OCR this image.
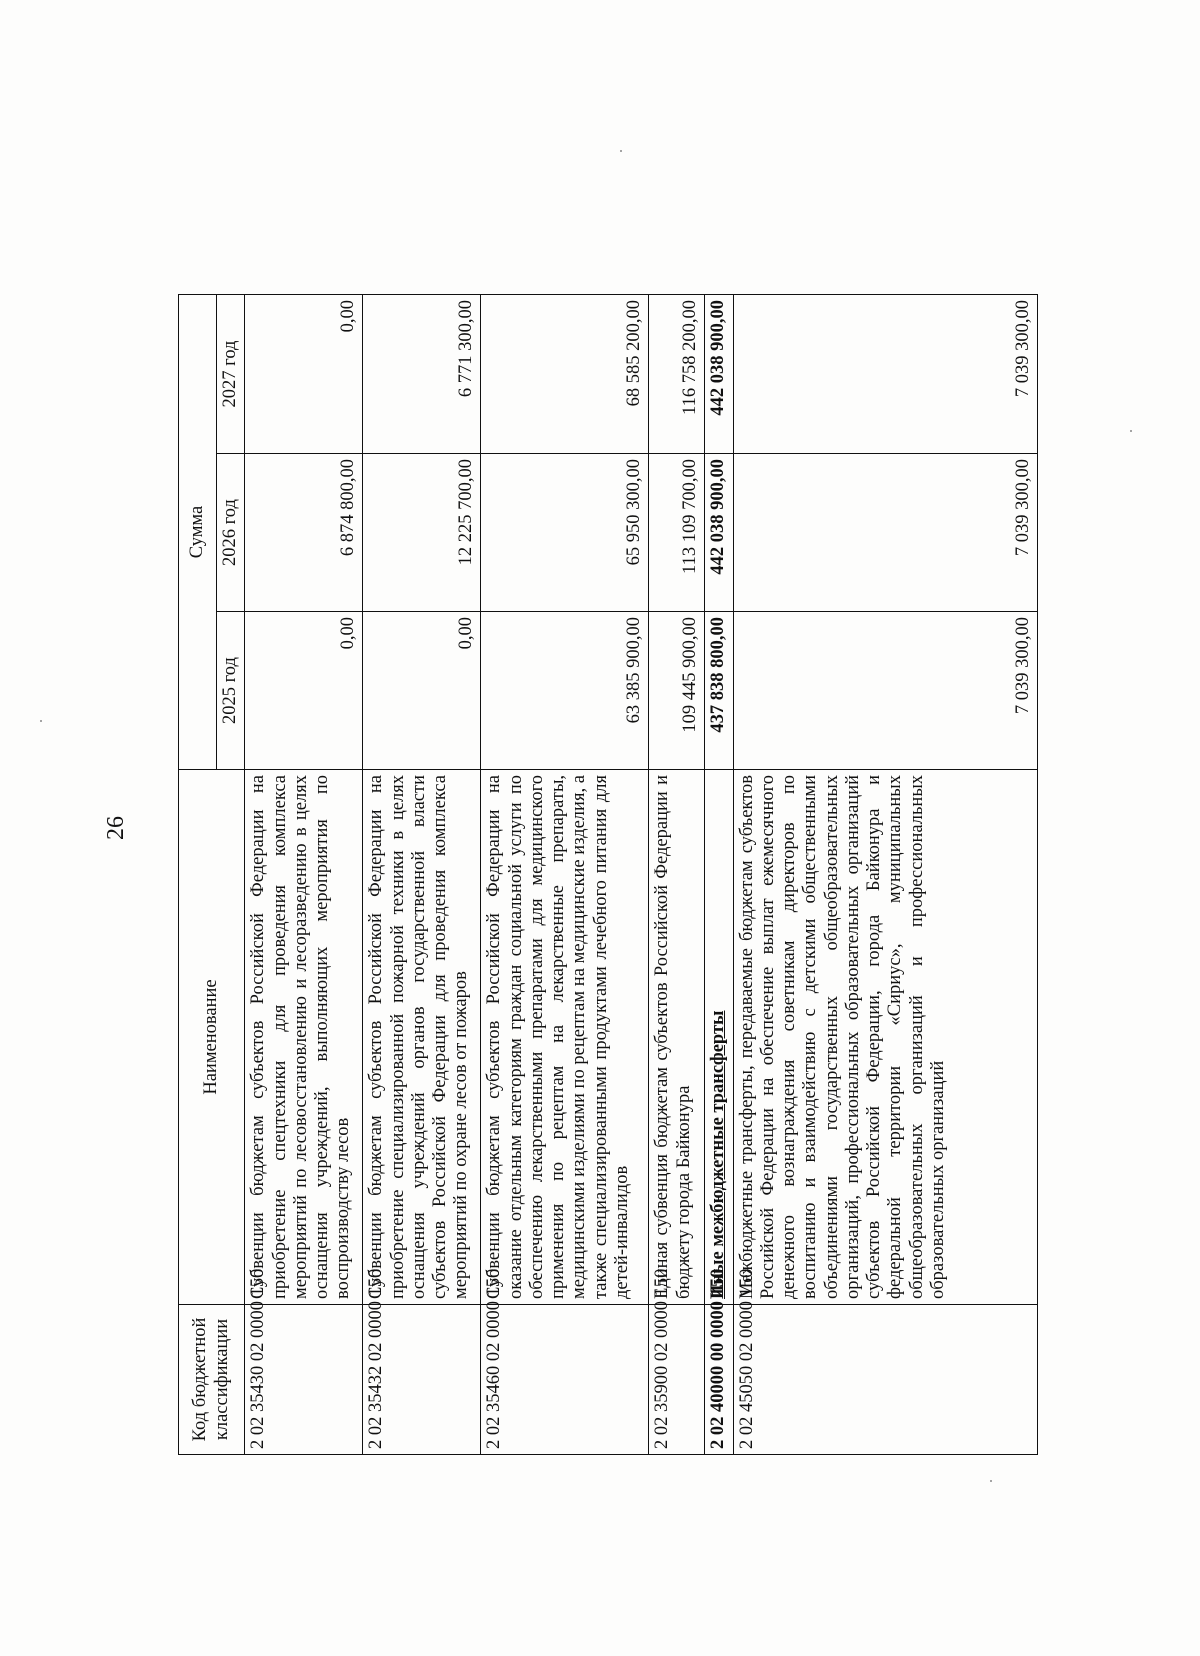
26
Код бюджетной классификации	Наименование	Сумма		
		2025 год	2026 год	2027 год
2 02 35430 02 0000 150	Субвенции бюджетам субъектов Российской Федерации на приобретение спецтехники для проведения комплекса мероприятий по лесовосстановлению и лесоразведению в целях оснащения учреждений, выполняющих мероприятия по воспроизводству лесов	0,00	6 874 800,00	0,00
2 02 35432 02 0000 150	Субвенции бюджетам субъектов Российской Федерации на приобретение специализированной пожарной техники в целях оснащения учреждений органов государственной власти субъектов Российской Федерации для проведения комплекса мероприятий по охране лесов от пожаров	0,00	12 225 700,00	6 771 300,00
2 02 35460 02 0000 150	Субвенции бюджетам субъектов Российской Федерации на оказание отдельным категориям граждан социальной услуги по обеспечению лекарственными препаратами для медицинского применения по рецептам на лекарственные препараты, медицинскими изделиями по рецептам на медицинские изделия, а также специализированными продуктами лечебного питания для детей-инвалидов	63 385 900,00	65 950 300,00	68 585 200,00
2 02 35900 02 0000 150	Единая субвенция бюджетам субъектов Российской Федерации и бюджету города Байконура	109 445 900,00	113 109 700,00	116 758 200,00
2 02 40000 00 0000 150	Иные межбюджетные трансферты	437 838 800,00	442 038 900,00	442 038 900,00
2 02 45050 02 0000 150	Межбюджетные трансферты, передаваемые бюджетам субъектов Российской Федерации на обеспечение выплат ежемесячного денежного вознаграждения советникам директоров по воспитанию и взаимодействию с детскими общественными объединениями государственных общеобразовательных организаций, профессиональных образовательных организаций субъектов Российской Федерации, города Байконура и федеральной территории «Сириус», муниципальных общеобразовательных организаций и профессиональных образовательных организаций	7 039 300,00	7 039 300,00	7 039 300,00
